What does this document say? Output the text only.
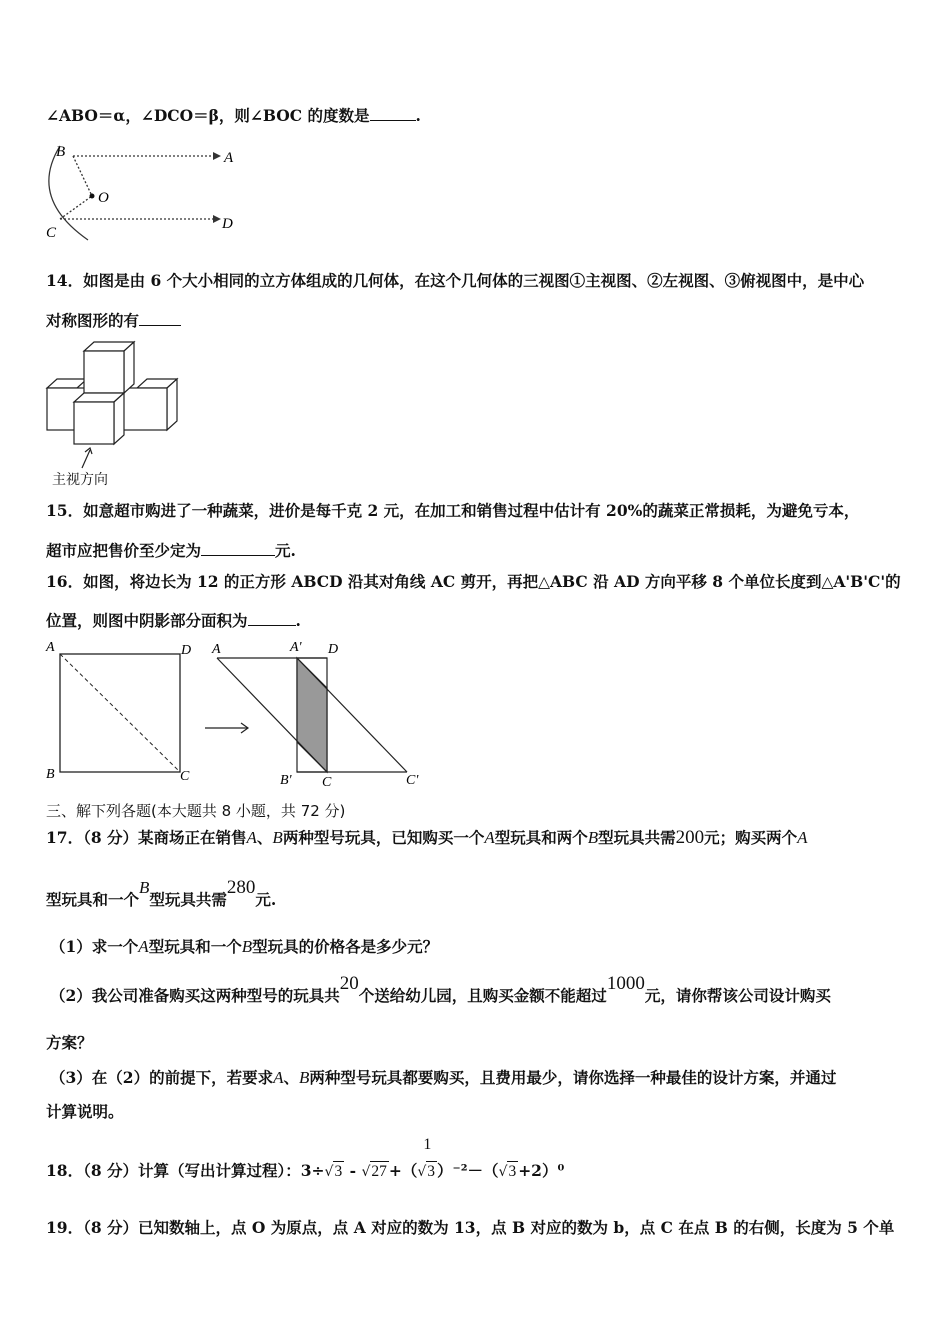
∠ABO＝α，∠DCO＝β，则∠BOC 的度数是	.
B	A
O
C
D
14．如图是由 6 个大小相同的立方体组成的几何体，在这个几何体的三视图①主视图、②左视图、③俯视图中，是中心
对称图形的有
主视方向
15．如意超市购进了一种蔬菜，进价是每千克 2 元，在加工和销售过程中估计有 20%的蔬菜正常损耗，为避免亏本，
超市应把售价至少定为	元.
16．如图，将边长为 12 的正方形 ABCD 沿其对角线 AC 剪开，再把△ABC 沿 AD 方向平移 8 个单位长度到△A'B'C'的
位置，则图中阴影部分面积为	.
A	D
B	C
A	A' D
B' C	C'
三、解下列各题(本大题共 8 小题，共 72 分)
17．（8 分）某商场正在销售A、B两种型号玩具，已知购买一个A型玩具和两个B型玩具共需200元；购买两个A
型玩具和一个B型玩具共需280元.
（1）求一个A型玩具和一个B型玩具的价格各是多少元？
（2）我公司准备购买这两种型号的玩具共20个送给幼儿园，且购买金额不能超过1000元，请你帮该公司设计购买
方案？
（3）在（2）的前提下，若要求A、B两种型号玩具都要购买，且费用最少，请你选择一种最佳的设计方案，并通过
计算说明。
18．（8 分）计算（写出计算过程）：3÷√3 - √27 +（
1
√3 ）⁻²－（√3 +2）⁰
19．（8 分）已知数轴上，点 O 为原点，点 A 对应的数为 13，点 B 对应的数为 b，点 C 在点 B 的右侧，长度为 5 个单
